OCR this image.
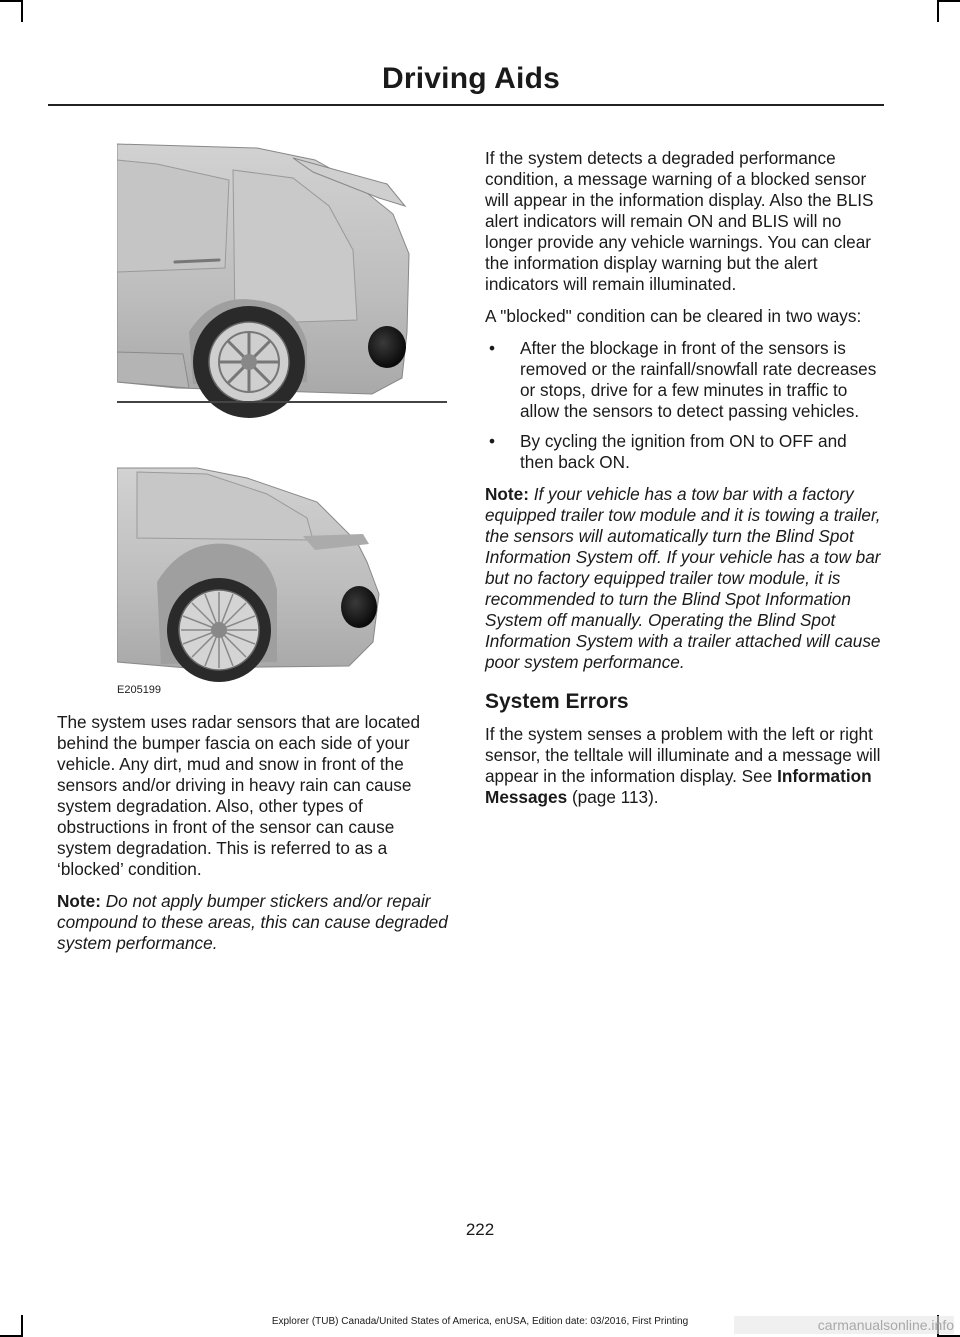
Driving Aids
E205199

The system uses radar sensors that are located behind the bumper fascia on each side of your vehicle. Any dirt, mud and snow in front of the sensors and/or driving in heavy rain can cause system degradation. Also, other types of obstructions in front of the sensor can cause system degradation. This is referred to as a ‘blocked’ condition.

Note: Do not apply bumper stickers and/or repair compound to these areas, this can cause degraded system performance.

If the system detects a degraded performance condition, a message warning of a blocked sensor will appear in the information display. Also the BLIS alert indicators will remain ON and BLIS will no longer provide any vehicle warnings. You can clear the information display warning but the alert indicators will remain illuminated.

A "blocked" condition can be cleared in two ways:

• After the blockage in front of the sensors is removed or the rainfall/snowfall rate decreases or stops, drive for a few minutes in traffic to allow the sensors to detect passing vehicles.
• By cycling the ignition from ON to OFF and then back ON.

Note: If your vehicle has a tow bar with a factory equipped trailer tow module and it is towing a trailer, the sensors will automatically turn the Blind Spot Information System off. If your vehicle has a tow bar but no factory equipped trailer tow module, it is recommended to turn the Blind Spot Information System off manually. Operating the Blind Spot Information System with a trailer attached will cause poor system performance.

System Errors

If the system senses a problem with the left or right sensor, the telltale will illuminate and a message will appear in the information display. See Information Messages (page 113).

222
Explorer (TUB) Canada/United States of America, enUSA, Edition date: 03/2016, First Printing	carmanualsonline.info
